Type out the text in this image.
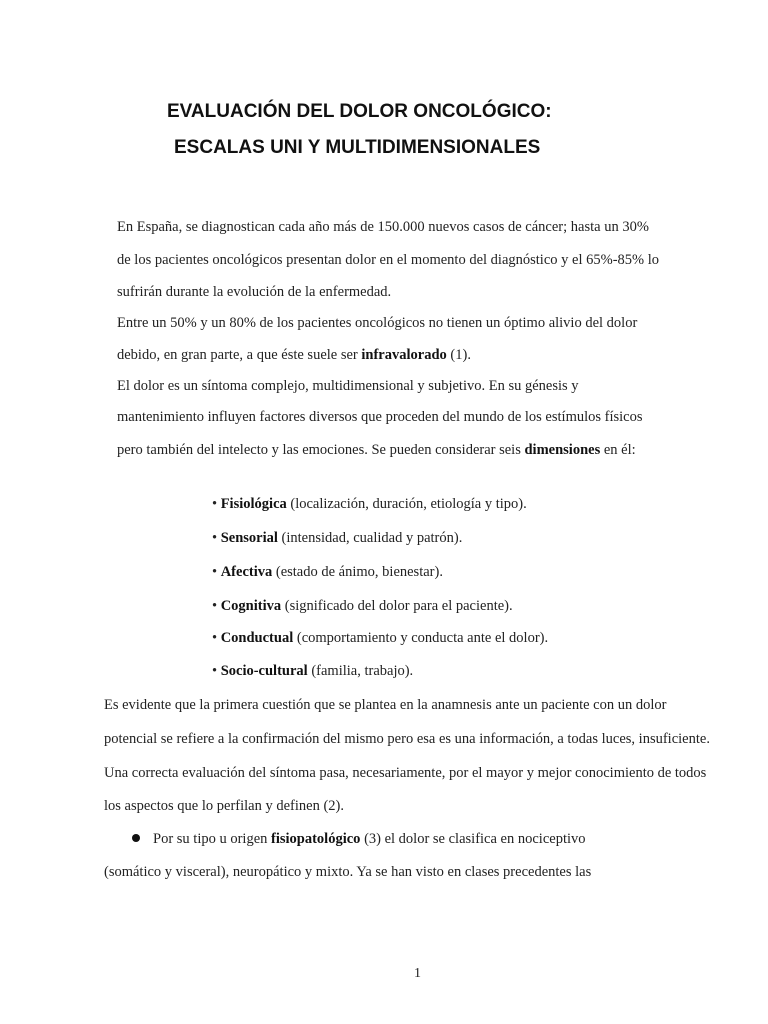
EVALUACIÓN DEL DOLOR ONCOLÓGICO:
ESCALAS UNI Y MULTIDIMENSIONALES
En España, se diagnostican cada año más de 150.000 nuevos casos de cáncer; hasta un 30%
de los pacientes oncológicos presentan dolor en el momento del diagnóstico y el 65%-85% lo
sufrirán durante la evolución de la enfermedad.
Entre un 50% y un 80% de los pacientes oncológicos no tienen un óptimo alivio del dolor
debido, en gran parte, a que éste suele ser infravalorado (1).
El dolor es un síntoma complejo, multidimensional y subjetivo. En su génesis y
mantenimiento influyen factores diversos que proceden del mundo de los estímulos físicos
pero también del intelecto y las emociones. Se pueden considerar seis dimensiones en él:
• Fisiológica (localización, duración, etiología y tipo).
• Sensorial (intensidad, cualidad y patrón).
• Afectiva (estado de ánimo, bienestar).
• Cognitiva (significado del dolor para el paciente).
• Conductual (comportamiento y conducta ante el dolor).
• Socio-cultural (familia, trabajo).
Es evidente que la primera cuestión que se plantea en la anamnesis ante un paciente con un dolor
potencial se refiere a la confirmación del mismo pero esa es una información, a todas luces, insuficiente.
Una correcta evaluación del síntoma pasa, necesariamente, por el mayor y mejor conocimiento de todos
los aspectos que lo perfilan y definen (2).
Por su tipo u origen fisiopatológico (3) el dolor se clasifica en nociceptivo
(somático y visceral), neuropático y mixto. Ya se han visto en clases precedentes las
1
